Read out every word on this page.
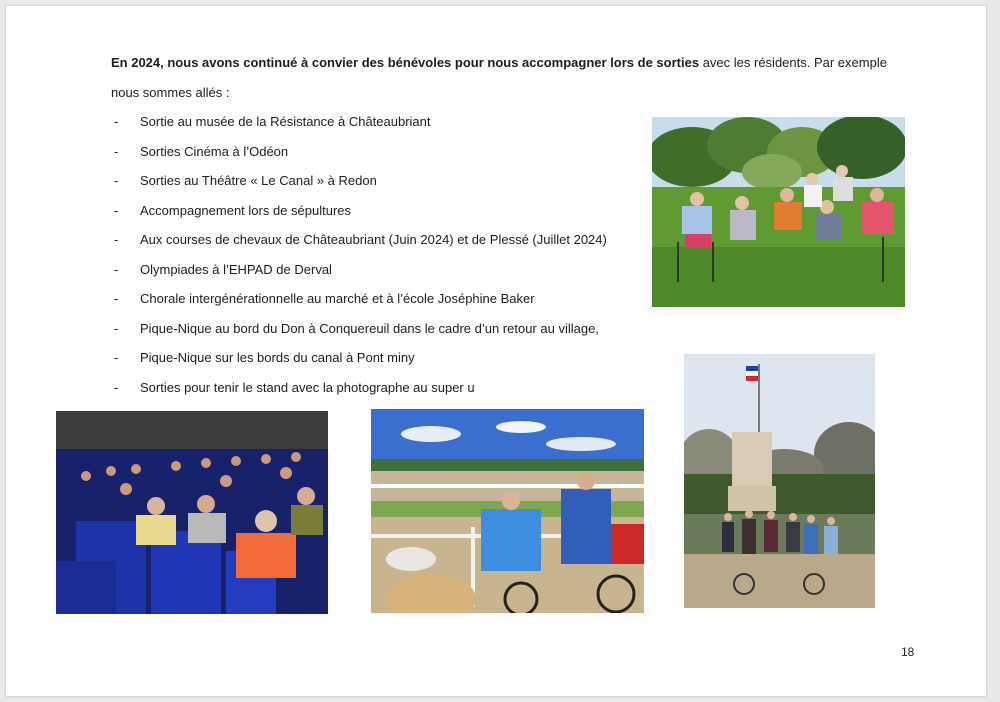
En 2024, nous avons continué à convier des bénévoles pour nous accompagner lors de sorties avec les résidents. Par exemple nous sommes allés :

-	Sortie au musée de la Résistance à Châteaubriant
-	Sorties Cinéma à l’Odéon
-	Sorties au Théâtre « Le Canal » à Redon
-	Accompagnement lors de sépultures
-	Aux courses de chevaux de Châteaubriant (Juin 2024) et de Plessé (Juillet 2024)
-	Olympiades à l’EHPAD de Derval
-	Chorale intergénérationnelle au marché et à l’école Joséphine Baker
-	Pique-Nique au bord du Don à Conquereuil dans le cadre d’un retour au village,
-	Pique-Nique sur les bords du canal à Pont miny
-	Sorties pour tenir le stand avec la photographe au super u
18
